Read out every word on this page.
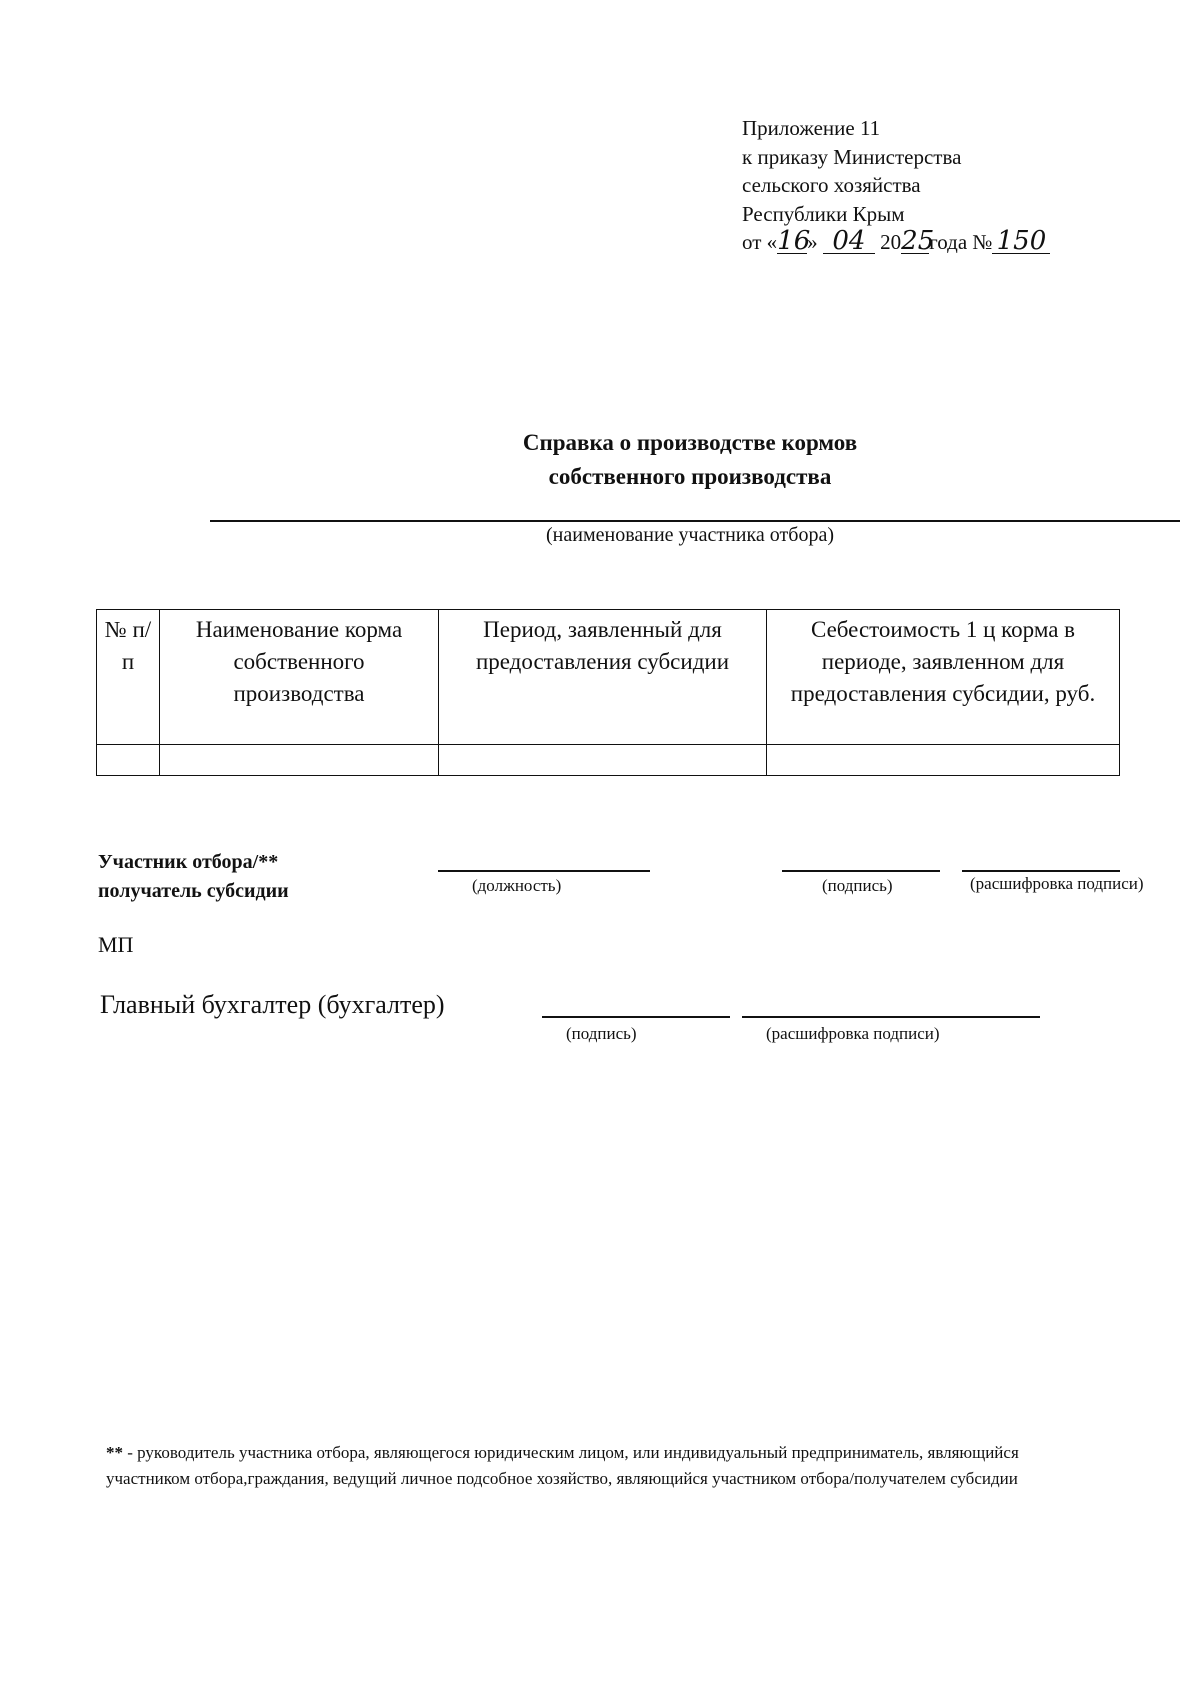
Приложение 11
к приказу Министерства
сельского хозяйства
Республики Крым
от «16» 04 2025года № 150
Справка о производстве кормов
собственного производства
(наименование участника отбора)
№ п/п	Наименование корма собственного производства	Период, заявленный для предоставления субсидии	Себестоимость 1 ц корма в периоде, заявленном для предоставления субсидии, руб.

Участник отбора/**
получатель субсидии	(должность)	(подпись)	(расшифровка подписи)
МП
Главный бухгалтер (бухгалтер)
(подпись)	(расшифровка подписи)
** - руководитель участника отбора, являющегося юридическим лицом, или индивидуальный предприниматель, являющийся участником отбора,граждания, ведущий личное подсобное хозяйство, являющийся участником отбора/получателем субсидии
